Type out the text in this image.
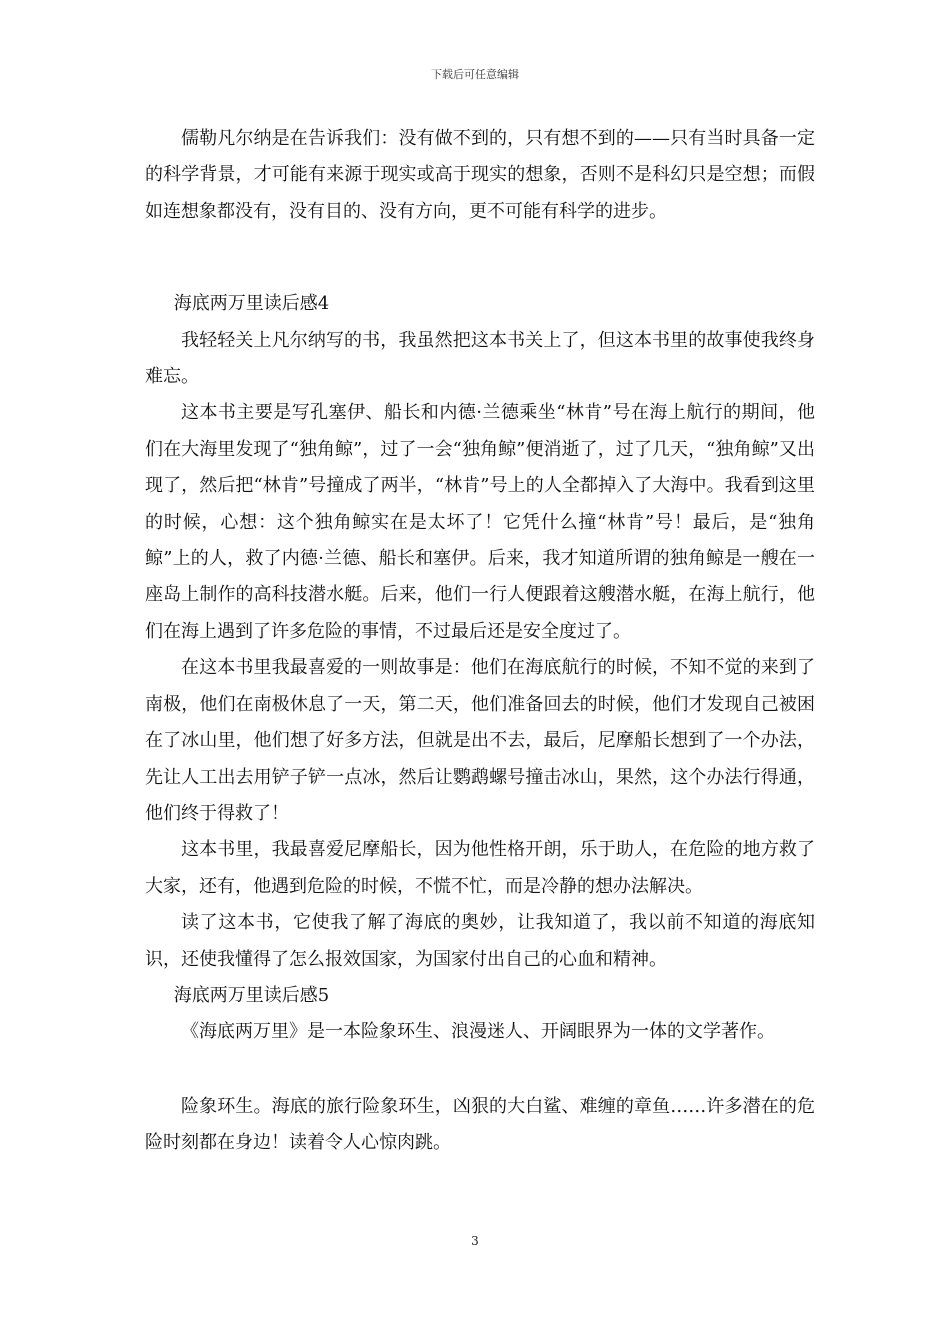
下载后可任意编辑

儒勒凡尔纳是在告诉我们：没有做不到的，只有想不到的——只有当时具备一定的科学背景，才可能有来源于现实或高于现实的想象，否则不是科幻只是空想；而假如连想象都没有，没有目的、没有方向，更不可能有科学的进步。

海底两万里读后感4

我轻轻关上凡尔纳写的书，我虽然把这本书关上了，但这本书里的故事使我终身难忘。

这本书主要是写孔塞伊、船长和内德·兰德乘坐“林肯”号在海上航行的期间，他们在大海里发现了“独角鲸”，过了一会“独角鲸”便消逝了，过了几天，“独角鲸”又出现了，然后把“林肯”号撞成了两半，“林肯”号上的人全都掉入了大海中。我看到这里的时候，心想：这个独角鲸实在是太坏了！它凭什么撞“林肯”号！最后，是“独角鲸”上的人，救了内德·兰德、船长和塞伊。后来，我才知道所谓的独角鲸是一艘在一座岛上制作的高科技潜水艇。后来，他们一行人便跟着这艘潜水艇，在海上航行，他们在海上遇到了许多危险的事情，不过最后还是安全度过了。

在这本书里我最喜爱的一则故事是：他们在海底航行的时候，不知不觉的来到了南极，他们在南极休息了一天，第二天，他们准备回去的时候，他们才发现自己被困在了冰山里，他们想了好多方法，但就是出不去，最后，尼摩船长想到了一个办法，先让人工出去用铲子铲一点冰，然后让鹦鹉螺号撞击冰山，果然，这个办法行得通，他们终于得救了！

这本书里，我最喜爱尼摩船长，因为他性格开朗，乐于助人，在危险的地方救了大家，还有，他遇到危险的时候，不慌不忙，而是冷静的想办法解决。

读了这本书，它使我了解了海底的奥妙，让我知道了，我以前不知道的海底知识，还使我懂得了怎么报效国家，为国家付出自己的心血和精神。

海底两万里读后感5

《海底两万里》是一本险象环生、浪漫迷人、开阔眼界为一体的文学著作。

险象环生。海底的旅行险象环生，凶狠的大白鲨、难缠的章鱼……许多潜在的危险时刻都在身边！读着令人心惊肉跳。

3
